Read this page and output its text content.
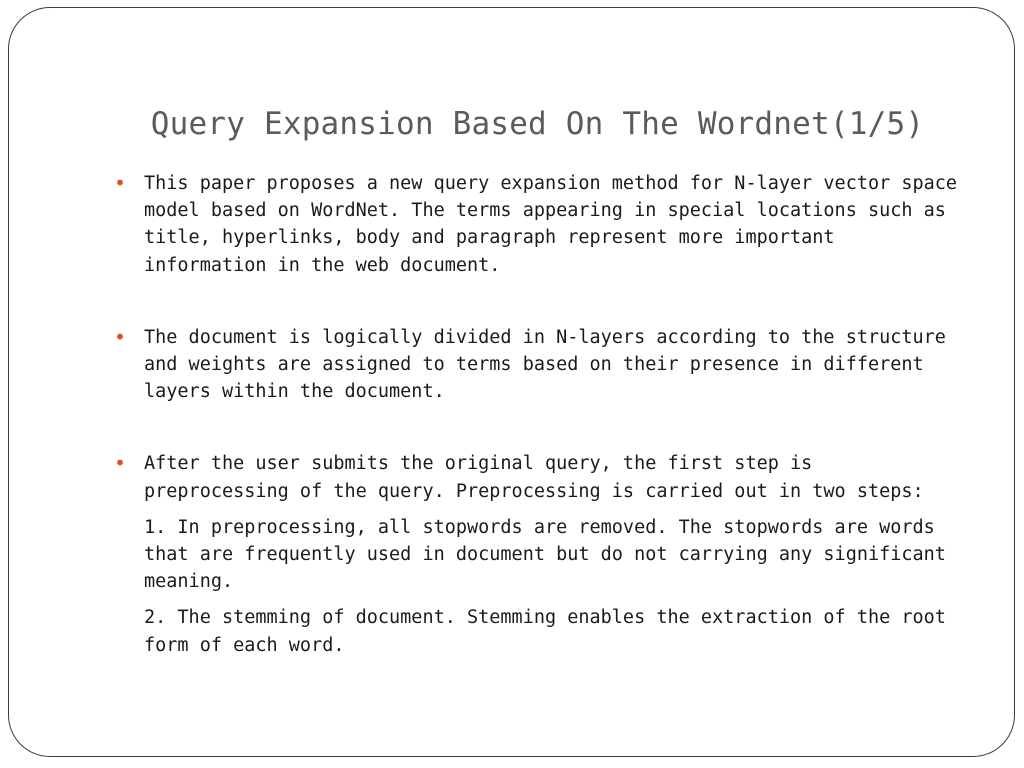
Query Expansion Based On The Wordnet(1/5)
• This paper proposes a new query expansion method for N-layer vector space model based on WordNet. The terms appearing in special locations such as title, hyperlinks, body and paragraph represent more important information in the web document.

• The document is logically divided in N-layers according to the structure and weights are assigned to terms based on their presence in different layers within the document.

• After the user submits the original query, the first step is preprocessing of the query. Preprocessing is carried out in two steps:

1. In preprocessing, all stopwords are removed. The stopwords are words that are frequently used in document but do not carrying any significant meaning.

2. The stemming of document. Stemming enables the extraction of the root form of each word.
